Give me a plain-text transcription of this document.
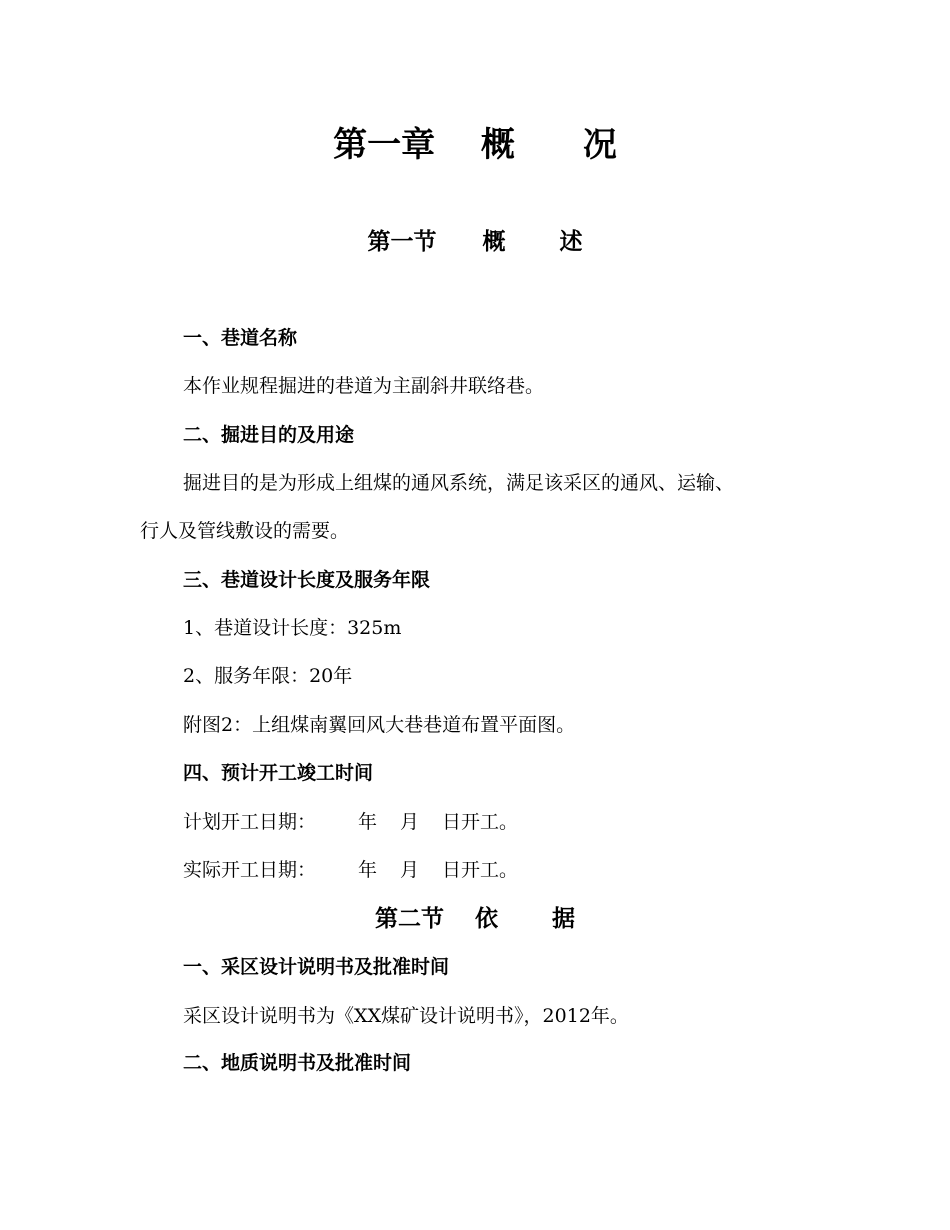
第一章　 概　　况
第一节　　概　　 述
一、巷道名称
本作业规程掘进的巷道为主副斜井联络巷。
二、掘进目的及用途
掘进目的是为形成上组煤的通风系统，满足该采区的通风、运输、
行人及管线敷设的需要。
三、巷道设计长度及服务年限
1、巷道设计长度：325m
2、服务年限：20年
附图2：上组煤南翼回风大巷巷道布置平面图。
四、预计开工竣工时间
计划开工日期： 年 月 日开工。
实际开工日期： 年 月 日开工。
第二节　 依　　 据
一、采区设计说明书及批准时间
采区设计说明书为《XX煤矿设计说明书》，2012年。
二、地质说明书及批准时间
